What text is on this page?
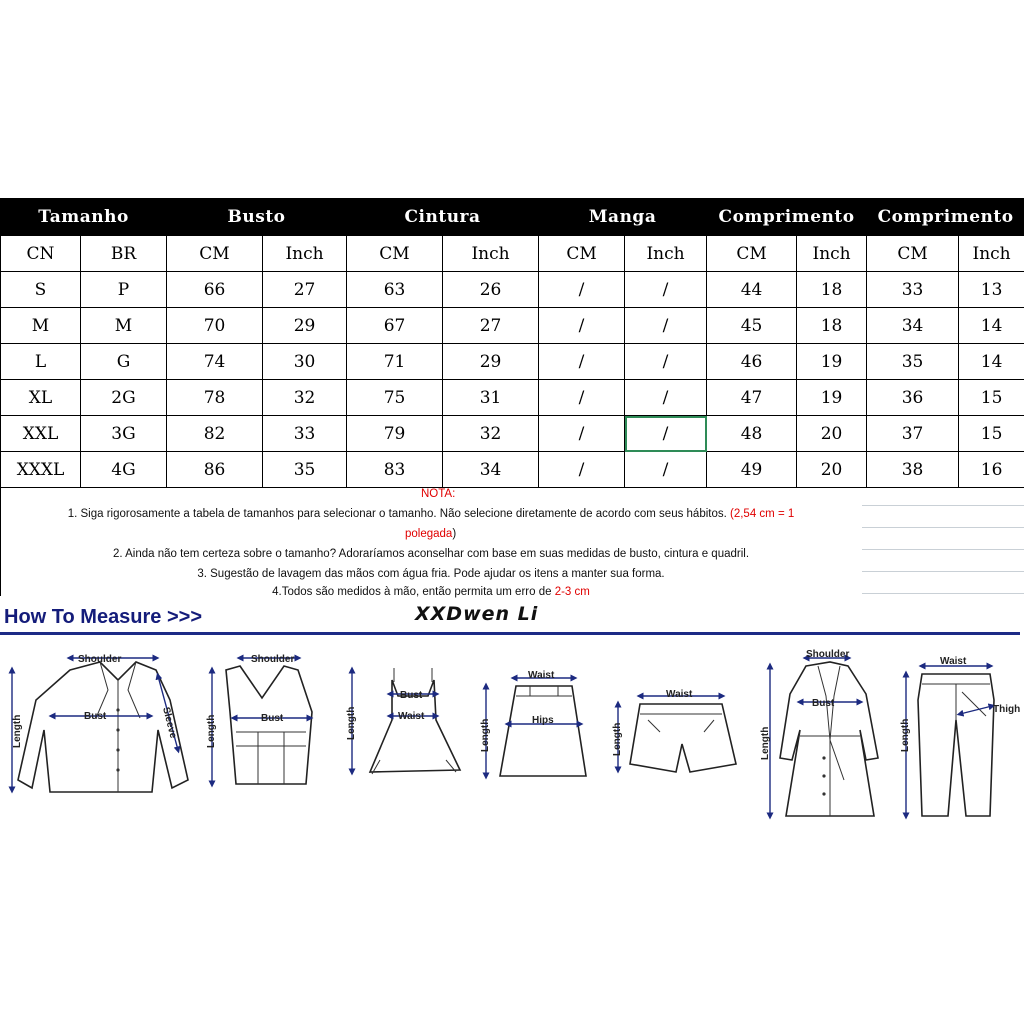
Tamanho		Busto		Cintura		Manga		Comprimento		Comprimento	
CN	BR	CM	Inch	CM	Inch	CM	Inch	CM	Inch	CM	Inch
S	P	66	27	63	26	/	/	44	18	33	13
M	M	70	29	67	27	/	/	45	18	34	14
L	G	74	30	71	29	/	/	46	19	35	14
XL	2G	78	32	75	31	/	/	47	19	36	15
XXL	3G	82	33	79	32	/	/	48	20	37	15
XXXL	4G	86	35	83	34	/	/	49	20	38	16
NOTA:
1. Siga rigorosamente a tabela de tamanhos para selecionar o tamanho. Não selecione diretamente de acordo com seus hábitos. (2,54 cm = 1
polegada)
2. Ainda não tem certeza sobre o tamanho? Adoraríamos aconselhar com base em suas medidas de busto, cintura e quadril.
3. Sugestão de lavagem das mãos com água fria. Pode ajudar os itens a manter sua forma.
4.Todos são medidos à mão, então permita um erro de 2-3 cm
How To Measure >>>	XXDwen Li
Shoulder
Bust
Length	Sleeve
Shoulder
Bust
Length
Bust
Waist
Length
Waist
Hips
Length
Waist
Length
Shoulder
Bust
Length
Waist
Thigh
Length
